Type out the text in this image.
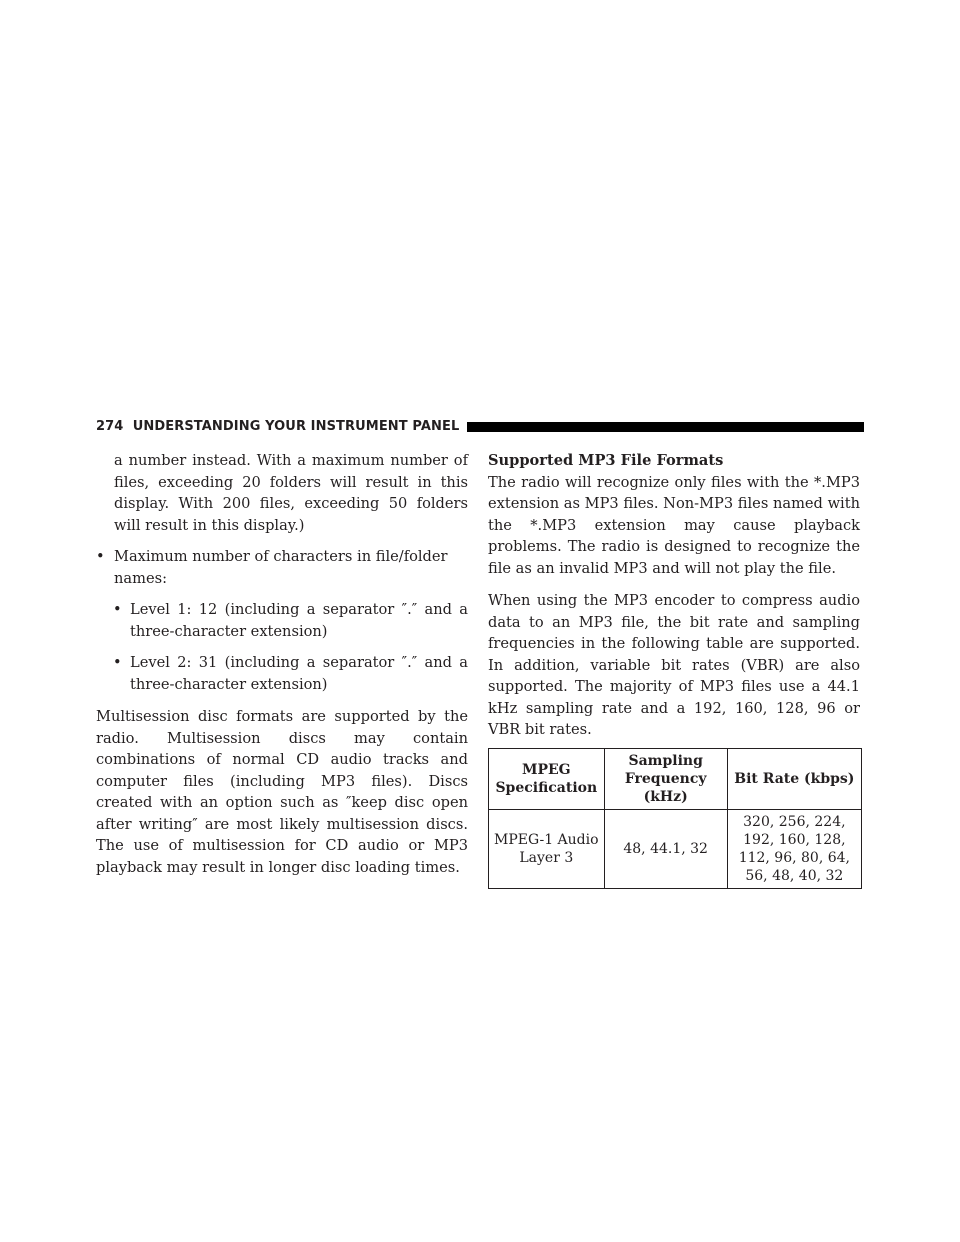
274 UNDERSTANDING YOUR INSTRUMENT PANEL

a number instead. With a maximum number of files, exceeding 20 folders will result in this display. With 200 files, exceeding 50 folders will result in this display.)

• Maximum number of characters in file/folder names:
• Level 1: 12 (including a separator ″.″ and a three-character extension)
• Level 2: 31 (including a separator ″.″ and a three-character extension)

Multisession disc formats are supported by the radio. Multisession discs may contain combinations of normal CD audio tracks and computer files (including MP3 files). Discs created with an option such as ″keep disc open after writing″ are most likely multisession discs. The use of multisession for CD audio or MP3 playback may result in longer disc loading times.

Supported MP3 File Formats

The radio will recognize only files with the *.MP3 extension as MP3 files. Non-MP3 files named with the *.MP3 extension may cause playback problems. The radio is designed to recognize the file as an invalid MP3 and will not play the file.

When using the MP3 encoder to compress audio data to an MP3 file, the bit rate and sampling frequencies in the following table are supported. In addition, variable bit rates (VBR) are also supported. The majority of MP3 files use a 44.1 kHz sampling rate and a 192, 160, 128, 96 or VBR bit rates.

MPEG Specification	Sampling Frequency (kHz)	Bit Rate (kbps)
MPEG-1 Audio Layer 3	48, 44.1, 32	320, 256, 224, 192, 160, 128, 112, 96, 80, 64, 56, 48, 40, 32
